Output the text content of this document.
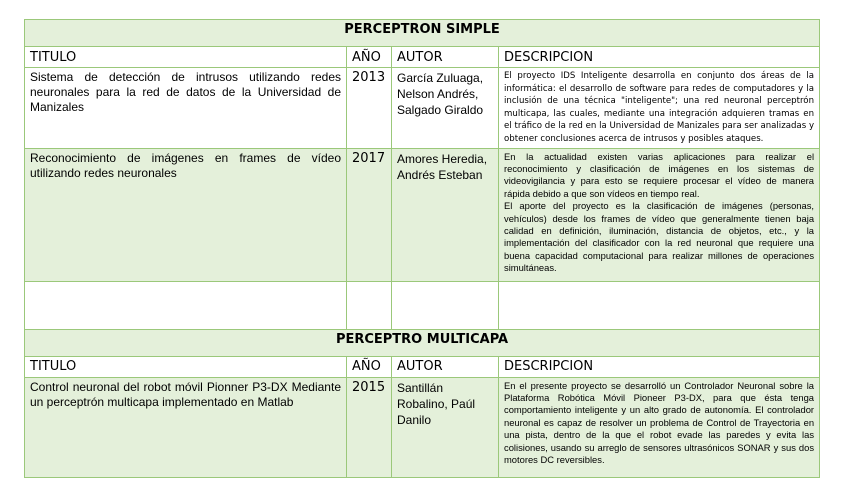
PERCEPTRON SIMPLE			
TITULO	AÑO	AUTOR	DESCRIPCION
Sistema de detección de intrusos utilizando redes neuronales para la red de datos de la Universidad de Manizales	2013	García Zuluaga, Nelson Andrés, Salgado Giraldo	El proyecto IDS Inteligente desarrolla en conjunto dos áreas de la informática: el desarrollo de software para redes de computadores y la inclusión de una técnica "inteligente"; una red neuronal perceptrón multicapa, las cuales, mediante una integración adquieren tramas en el tráfico de la red en la Universidad de Manizales para ser analizadas y obtener conclusiones acerca de intrusos y posibles ataques.
Reconocimiento de imágenes en frames de vídeo utilizando redes neuronales	2017	Amores Heredia, Andrés Esteban	En la actualidad existen varias aplicaciones para realizar el reconocimiento y clasificación de imágenes en los sistemas de videovigilancia y para esto se requiere procesar el vídeo de manera rápida debido a que son vídeos en tiempo real.
El aporte del proyecto es la clasificación de imágenes (personas, vehículos) desde los frames de vídeo que generalmente tienen baja calidad en definición, iluminación, distancia de objetos, etc., y la implementación del clasificador con la red neuronal que requiere una buena capacidad computacional para realizar millones de operaciones simultáneas.

PERCEPTRO MULTICAPA			
TITULO	AÑO	AUTOR	DESCRIPCION
Control neuronal del robot móvil Pionner P3-DX Mediante un perceptrón multicapa implementado en Matlab	2015	Santillán Robalino, Paúl Danilo	En el presente proyecto se desarrolló un Controlador Neuronal sobre la Plataforma Robótica Móvil Pioneer P3-DX, para que ésta tenga comportamiento inteligente y un alto grado de autonomía. El controlador neuronal es capaz de resolver un problema de Control de Trayectoria en una pista, dentro de la que el robot evade las paredes y evita las colisiones, usando su arreglo de sensores ultrasónicos SONAR y sus dos motores DC reversibles.
